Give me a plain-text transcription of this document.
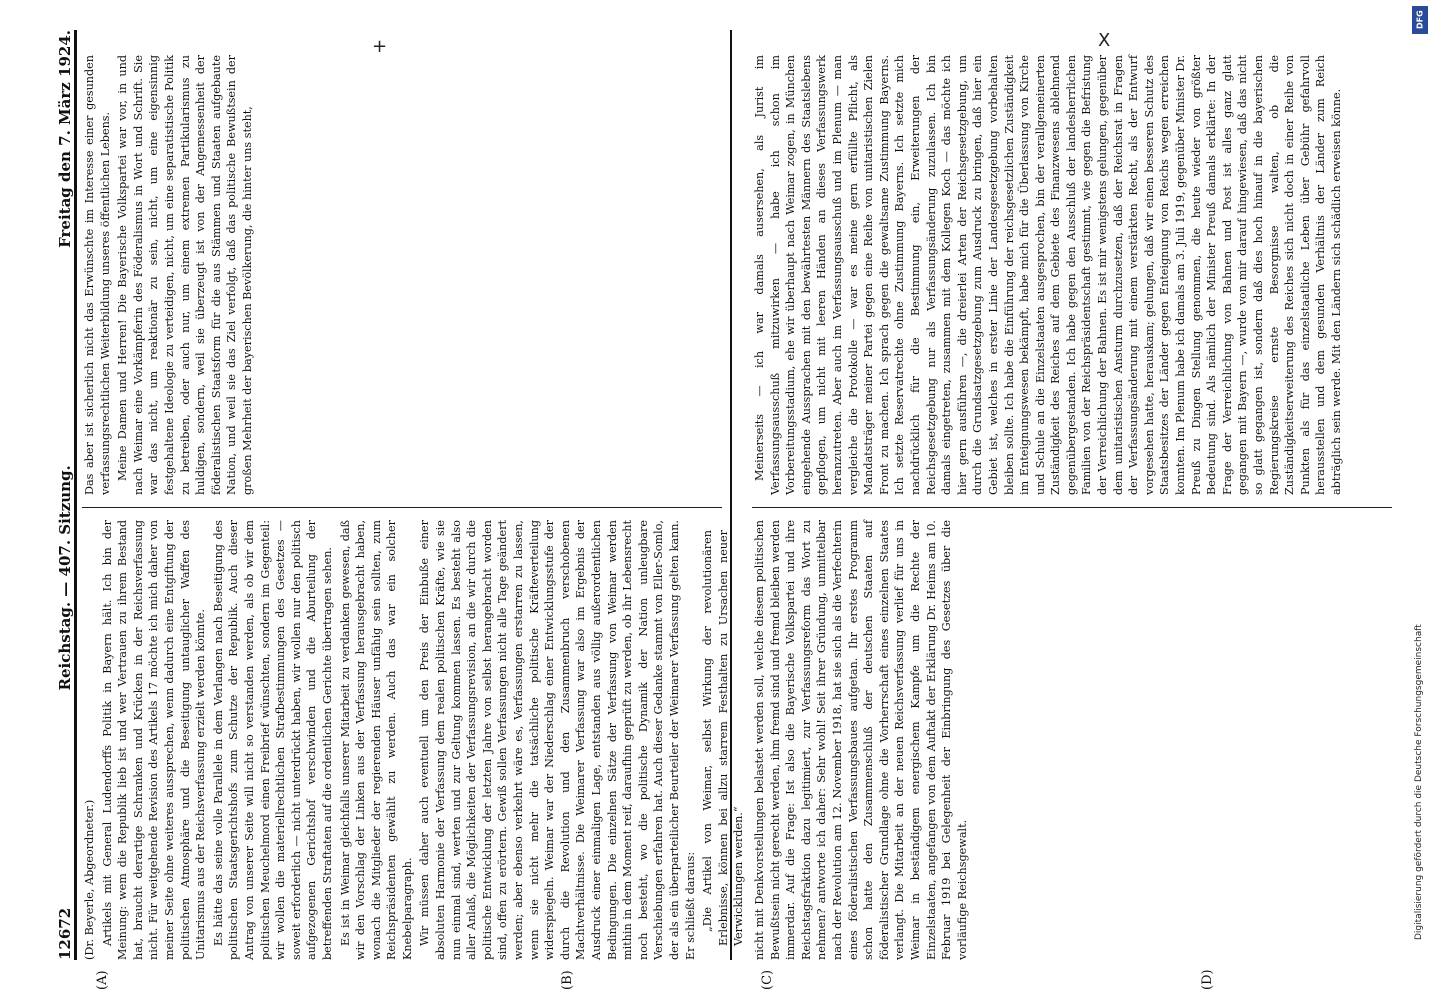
12672
Reichstag. — 407. Sitzung.
Freitag den 7. März 1924.

(Dr. Beyerle, Abgeordneter.) Artikels mit General Ludendorffs Politik in Bayern hält. Ich bin der Meinung: wem die Republik lieb ist und wer Vertrauen zu ihrem Bestand hat, braucht derartige Schranken und Krücken in der Reichsverfassung nicht. Für weitgehende Revision des Artikels 17 möchte ich mich daher von meiner Seite ohne weiteres aussprechen, wenn dadurch eine Entgiftung der politischen Atmosphäre und die Beseitigung untauglicher Waffen des Unitarismus aus der Reichsverfassung erzielt werden könnte. Es hätte das seine volle Parallele in dem Verlangen nach Beseitigung des politischen Staatsgerichtshofs zum Schutze der Republik. Auch dieser Antrag von unserer Seite will nicht so verstanden werden, als ob wir dem politischen Meuchelmord einen Freibrief wünschten, sondern im Gegenteil: wir wollen die materiellrechtlichen Strafbestimmungen des Gesetzes — soweit erforderlich — nicht unterdrückt haben, wir wollen nur den politisch aufgezogenen Gerichtshof verschwinden und die Aburteilung der betreffenden Straftaten auf die ordentlichen Gerichte übertragen sehen. Es ist in Weimar gleichfalls unserer Mitarbeit zu verdanken gewesen, daß wir den Vorschlag der Linken aus der Verfassung herausgebracht haben, wonach die Mitglieder der regierenden Häuser unfähig sein sollten, zum Reichspräsidenten gewählt zu werden. Auch das war ein solcher Knebelparagraph. Wir müssen daher auch eventuell um den Preis der Einbuße einer absoluten Harmonie der Verfassung dem realen politischen Kräfte, wie sie nun einmal sind, werten und zur Geltung kommen lassen. Es besteht also aller Anlaß, die Möglichkeiten der Verfassungsrevision, an die wir durch die politische Entwicklung der letzten Jahre von selbst herangebracht worden sind, offen zu erörtern. Gewiß sollen Verfassungen nicht alle Tage geändert werden; aber ebenso verkehrt wäre es, Verfassungen erstarren zu lassen, wenn sie nicht mehr die tatsächliche politische Kräfteverteilung widerspiegeln. Weimar war der Niederschlag einer Entwicklungsstufe der durch die Revolution und den Zusammenbruch verschobenen Machtverhältnisse. Die Weimarer Verfassung war also im Ergebnis der Ausdruck einer einmaligen Lage, entstanden aus völlig außerordentlichen Bedingungen. Die einzelnen Sätze der Verfassung von Weimar werden mithin in dem Moment reif, daraufhin geprüft zu werden, ob ihr Lebensrecht noch besteht, wo die politische Dynamik der Nation unleugbare Verschiebungen erfahren hat. Auch dieser Gedanke stammt von Eller-Somlo, der als ein überparteilicher Beurteiler der Weimarer Verfassung gelten kann. Er schließt daraus: „Die Artikel von Weimar, selbst Wirkung der revolutionären Erlebnisse, können bei allzu starrem Festhalten zu Ursachen neuer Verwicklungen werden.“

Das aber ist sicherlich nicht das Erwünschte im Interesse einer gesunden verfassungsrechtlichen Weiterbildung unseres öffentlichen Lebens. Meine Damen und Herren! Die Bayerische Volkspartei war vor, in und nach Weimar eine Vorkämpferin des Föderalismus in Wort und Schrift. Sie war das nicht, um reaktionär zu sein, nicht, um eine eigensinnig festgehaltene Ideologie zu verteidigen, nicht, um eine separatistische Politik zu betreiben, oder auch nur, um einem extremen Partikularismus zu huldigen, sondern, weil sie überzeugt ist von der Angemessenheit der föderalistischen Staatsform für die aus Stämmen und Staaten aufgebaute Nation, und weil sie das Ziel verfolgt, daß das politische Bewußtsein der großen Mehrheit der bayerischen Bevölkerung, die hinter uns steht,

nicht mit Denkvorstellungen belastet werden soll, welche diesem politischen Bewußtsein nicht gerecht werden, ihm fremd sind und fremd bleiben werden immerdar. Auf die Frage: Ist also die Bayerische Volkspartei und ihre Reichstagsfraktion dazu legitimiert, zur Verfassungsreform das Wort zu nehmen? antworte ich daher: Sehr wohl! Seit ihrer Gründung, unmittelbar nach der Revolution am 12. November 1918, hat sie sich als die Verfechterin eines föderalistischen Verfassungsbaues aufgetan. Ihr erstes Programm schon hatte den Zusammenschluß der deutschen Staaten auf föderalistischer Grundlage ohne die Vorherrschaft eines einzelnen Staates verlangt. Die Mitarbeit an der neuen Reichsverfassung verlief für uns in Weimar in beständigem energischem Kampfe um die Rechte der Einzelstaaten, angefangen von dem Auftakt der Erklärung Dr. Heims am 10. Februar 1919 bei Gelegenheit der Einbringung des Gesetzes über die vorläufige Reichsgewalt.

Meinerseits — ich war damals ausersehen, als Jurist im Verfassungsausschuß mitzuwirken — habe ich schon im Vorbereitungsstadium, ehe wir überhaupt nach Weimar zogen, in München eingehende Aussprachen mit den bewährtesten Männern des Staatslebens gepflogen, um nicht mit leeren Händen an dieses Verfassungswerk heranzutreten. Aber auch im Verfassungsausschuß und im Plenum — man vergleiche die Protokolle — war es meine gern erfüllte Pflicht, als Mandatsträger meiner Partei gegen eine Reihe von unitaristischen Zielen Front zu machen. Ich sprach gegen die gewaltsame Zustimmung Bayerns. Ich setzte Reservatrechte ohne Zustimmung Bayerns. Ich setzte mich nachdrücklich für die Bestimmung ein, Erweiterungen der Reichsgesetzgebung nur als Verfassungsänderung zuzulassen. Ich bin damals eingetreten, zusammen mit dem Kollegen Koch — das möchte ich hier gern ausführen —, die dreierlei Arten der Reichsgesetzgebung, um durch die Grundsatzgesetzgebung zum Ausdruck zu bringen, daß hier ein Gebiet ist, welches in erster Linie der Landesgesetzgebung vorbehalten bleiben sollte. Ich habe die Einführung der reichsgesetzlichen Zuständigkeit im Enteignungswesen bekämpft, habe mich für die Überlassung von Kirche und Schule an die Einzelstaaten ausgesprochen, bin der verallgemeinerten Zuständigkeit des Reiches auf dem Gebiete des Finanzwesens ablehnend gegenübergestanden. Ich habe gegen den Ausschluß der landesherrlichen Familien von der Reichspräsidentschaft gestimmt, wie gegen die Befristung der Verreichlichung der Bahnen. Es ist mir wenigstens gelungen, gegenüber dem unitaristischen Ansturm durchzusetzen, daß der Reichsrat in Fragen der Verfassungsänderung mit einem verstärkten Recht, als der Entwurf vorgesehen hatte, herauskam; gelungen, daß wir einen besseren Schutz des Staatsbesitzes der Länder gegen Enteignung von Reichs wegen erreichen konnten. Im Plenum habe ich damals am 3. Juli 1919, gegenüber Minister Dr. Preuß zu Dingen Stellung genommen, die heute wieder von größter Bedeutung sind. Als nämlich der Minister Preuß damals erklärte: In der Frage der Verreichlichung von Bahnen und Post ist alles ganz glatt gegangen mit Bayern —, wurde von mir darauf hingewiesen, daß das nicht so glatt gegangen ist, sondern daß dies hoch hinauf in die bayerischen Regierungskreise ernste Besorgnisse walten, ob die Zuständigkeitserweiterung des Reiches sich nicht doch in einer Reihe von Punkten als für das einzelstaatliche Leben über Gebühr gefahrvoll herausstellen und dem gesunden Verhältnis der Länder zum Reich abträglich sein werde. Mit den Ländern sich schädlich erweisen könne.

(A)	(B)	(C)	(D)
+	X
DFG
Digitalisierung gefördert durch die Deutsche Forschungsgemeinschaft
